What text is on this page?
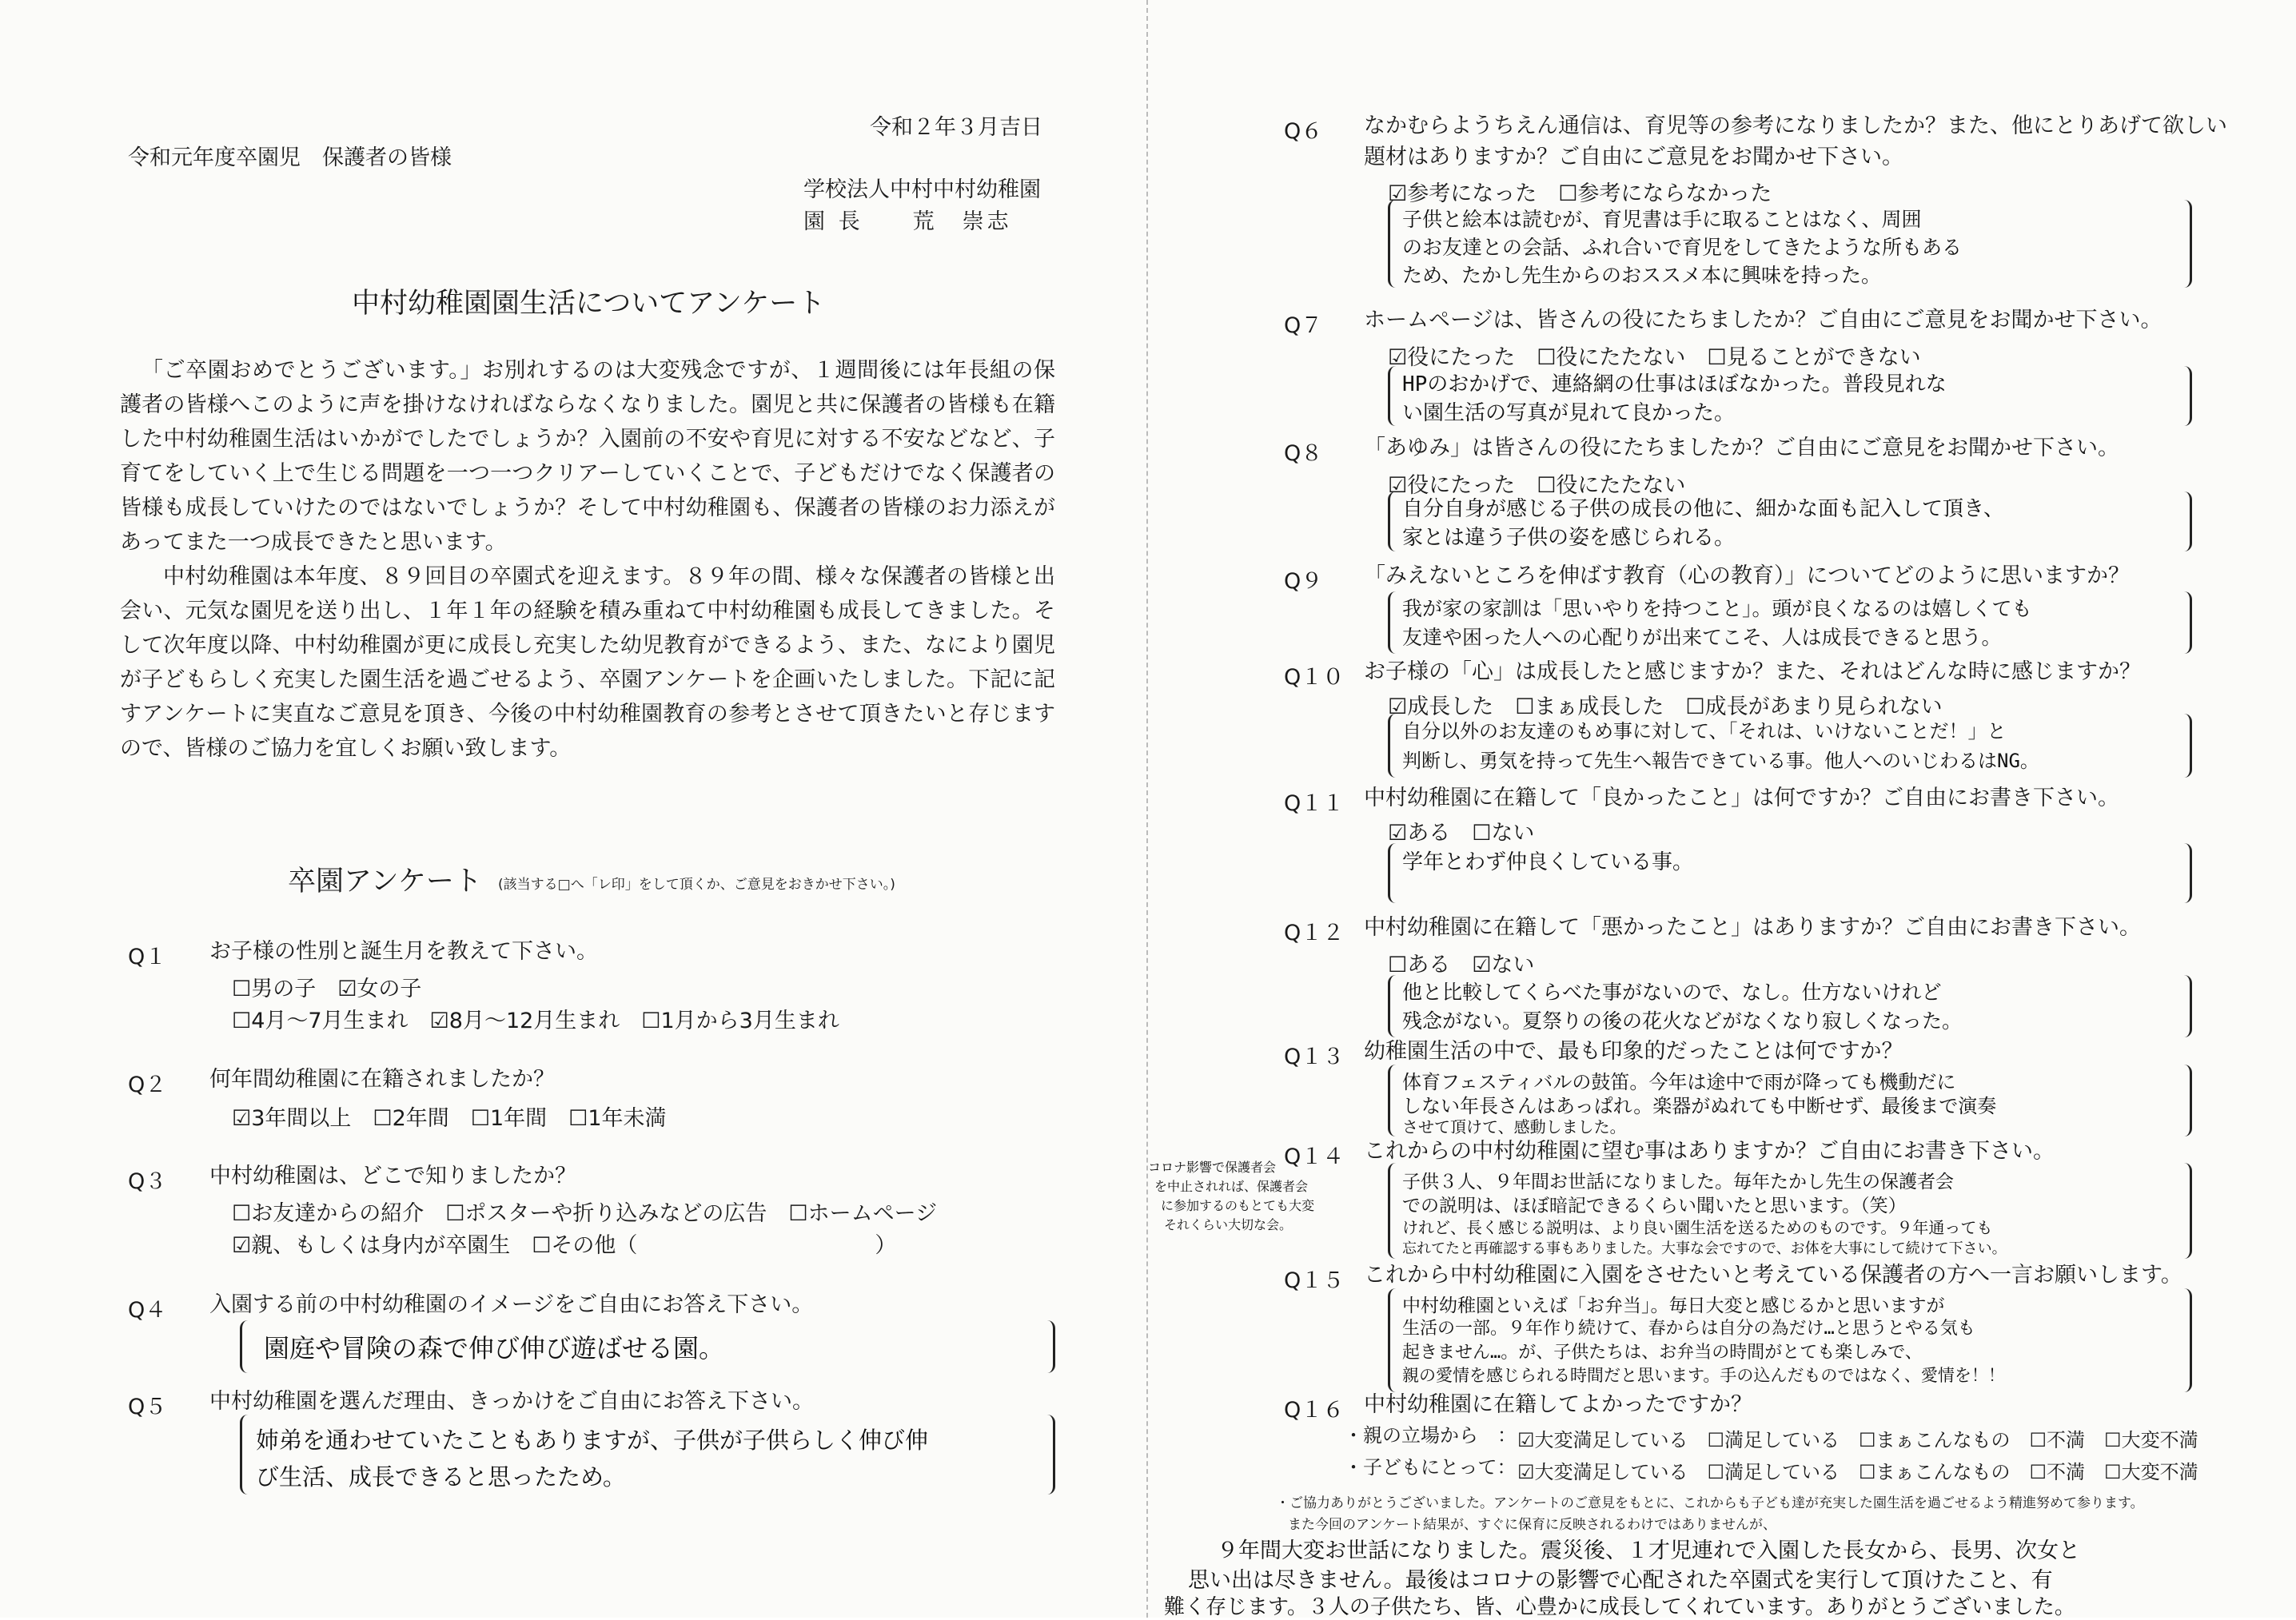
令和２年３月吉日
令和元年度卒園児　保護者の皆様
学校法人中村中村幼稚園
園 長　　荒　崇志
中村幼稚園園生活についてアンケート

「ご卒園おめでとうございます。」お別れするのは大変残念ですが、１週間後には年長組の保護者の皆様へこのように声を掛けなければならなくなりました。園児と共に保護者の皆様も在籍した中村幼稚園生活はいかがでしたでしょうか？入園前の不安や育児に対する不安などなど、子育てをしていく上で生じる問題を一つ一つクリアーしていくことで、子どもだけでなく保護者の皆様も成長していけたのではないでしょうか？そして中村幼稚園も、保護者の皆様のお力添えがあってまた一つ成長できたと思います。

中村幼稚園は本年度、８９回目の卒園式を迎えます。８９年の間、様々な保護者の皆様と出会い、元気な園児を送り出し、１年１年の経験を積み重ねて中村幼稚園も成長してきました。そして次年度以降、中村幼稚園が更に成長し充実した幼児教育ができるよう、また、なにより園児が子どもらしく充実した園生活を過ごせるよう、卒園アンケートを企画いたしました。下記に記すアンケートに実直なご意見を頂き、今後の中村幼稚園教育の参考とさせて頂きたいと存じますので、皆様のご協力を宜しくお願い致します。

卒園アンケート (該当する□へ「レ印」をして頂くか、ご意見をおきかせ下さい。)
Q１ お子様の性別と誕生月を教えて下さい。
☐男の子　☑女の子
☐4月～7月生まれ　☑8月～12月生まれ　☐1月から3月生まれ
Q２ 何年間幼稚園に在籍されましたか？
☑3年間以上　☐2年間　☐1年間　☐1年未満
Q３ 中村幼稚園は、どこで知りましたか？
☐お友達からの紹介　☐ポスターや折り込みなどの広告　☐ホームページ
☑親、もしくは身内が卒園生　☐その他（　　　　　　　　　　　）
Q４ 入園する前の中村幼稚園のイメージをご自由にお答え下さい。
園庭や冒険の森で伸び伸び遊ばせる園。
Q５ 中村幼稚園を選んだ理由、きっかけをご自由にお答え下さい。
姉弟を通わせていたこともありますが、子供が子供らしく伸び伸
び生活、成長できると思ったため。
Q６ なかむらようちえん通信は、育児等の参考になりましたか？また、他にとりあげて欲しい
題材はありますか？ご自由にご意見をお聞かせ下さい。
☑参考になった　☐参考にならなかった
子供と絵本は読むが、育児書は手に取ることはなく、周囲
のお友達との会話、ふれ合いで育児をしてきたような所もある
ため、たかし先生からのおススメ本に興味を持った。
Q７ ホームページは、皆さんの役にたちましたか？ご自由にご意見をお聞かせ下さい。
☑役にたった　☐役にたたない　☐見ることができない
HPのおかげで、連絡網の仕事はほぼなかった。普段見れな
い園生活の写真が見れて良かった。
Q８ 「あゆみ」は皆さんの役にたちましたか？ご自由にご意見をお聞かせ下さい。
☑役にたった　☐役にたたない
自分自身が感じる子供の成長の他に、細かな面も記入して頂き、
家とは違う子供の姿を感じられる。
Q９ 「みえないところを伸ばす教育（心の教育）」についてどのように思いますか？
我が家の家訓は「思いやりを持つこと」。頭が良くなるのは嬉しくても
友達や困った人への心配りが出来てこそ、人は成長できると思う。
Q１０ お子様の「心」は成長したと感じますか？また、それはどんな時に感じますか？
☑成長した　☐まぁ成長した　☐成長があまり見られない
自分以外のお友達のもめ事に対して、「それは、いけないことだ！」と
判断し、勇気を持って先生へ報告できている事。他人へのいじわるはNG。
Q１１ 中村幼稚園に在籍して「良かったこと」は何ですか？ご自由にお書き下さい。
☑ある　☐ない
学年とわず仲良くしている事。
Q１２ 中村幼稚園に在籍して「悪かったこと」はありますか？ご自由にお書き下さい。
☐ある　☑ない
他と比較してくらべた事がないので、なし。仕方ないけれど
残念がない。夏祭りの後の花火などがなくなり寂しくなった。
Q１３ 幼稚園生活の中で、最も印象的だったことは何ですか？
体育フェスティバルの鼓笛。今年は途中で雨が降っても機動だに
しない年長さんはあっぱれ。楽器がぬれても中断せず、最後まで演奏
させて頂けて、感動しました。
Q１４ これからの中村幼稚園に望む事はありますか？ご自由にお書き下さい。
子供３人、９年間お世話になりました。毎年たかし先生の保護者会
での説明は、ほぼ暗記できるくらい聞いたと思います。（笑）
けれど、長く感じる説明は、より良い園生活を送るためのものです。９年通っても
忘れてたと再確認する事もありました。大事な会ですので、お体を大事にして続けて下さい。
コロナ影響で保護者会
を中止されれば、保護者会
に参加するのもとても大変
それくらい大切な会。
Q１５ これから中村幼稚園に入園をさせたいと考えている保護者の方へ一言お願いします。
中村幼稚園といえば「お弁当」。毎日大変と感じるかと思いますが
生活の一部。９年作り続けて、春からは自分の為だけ…と思うとやる気も
起きません…。が、子供たちは、お弁当の時間がとても楽しみで、
親の愛情を感じられる時間だと思います。手の込んだものではなく、愛情を！！
Q１６ 中村幼稚園に在籍してよかったですか？
・親の立場から　： ☑大変満足している　☐満足している　☐まぁこんなもの　☐不満　☐大変不満
・子どもにとって： ☑大変満足している　☐満足している　☐まぁこんなもの　☐不満　☐大変不満
・ご協力ありがとうございました。アンケートのご意見をもとに、これからも子ども達が充実した園生活を過ごせるよう精進努めて参ります。
また今回のアンケート結果が、すぐに保育に反映されるわけではありませんが、
９年間大変お世話になりました。震災後、１才児連れで入園した長女から、長男、次女と
思い出は尽きません。最後はコロナの影響で心配された卒園式を実行して頂けたこと、有
難く存じます。３人の子供たち、皆、心豊かに成長してくれています。ありがとうございました。
